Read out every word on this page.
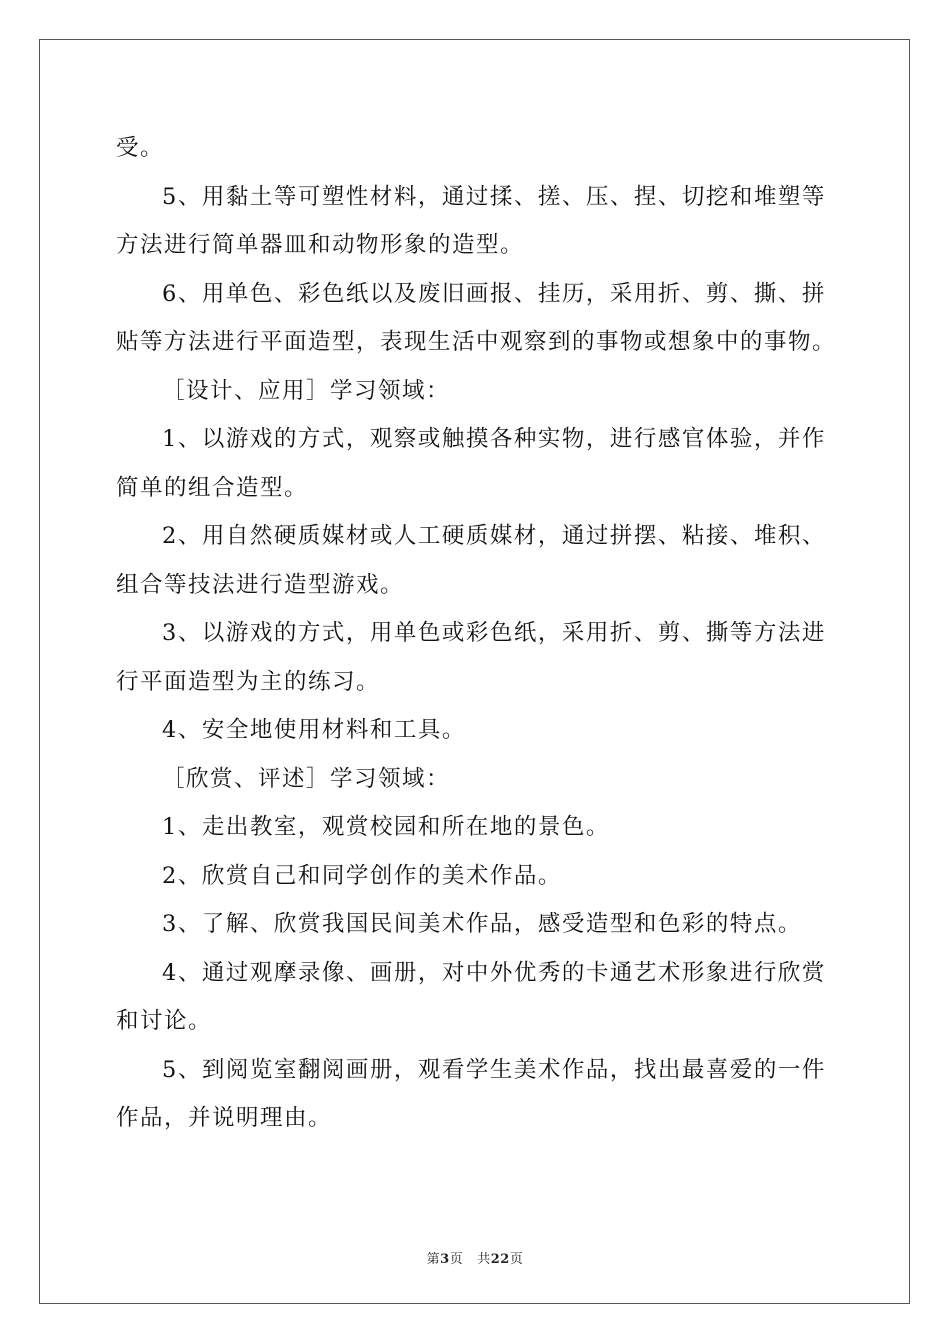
受。

5、用黏土等可塑性材料，通过揉、搓、压、捏、切挖和堆塑等方法进行简单器皿和动物形象的造型。

6、用单色、彩色纸以及废旧画报、挂历，采用折、剪、撕、拼贴等方法进行平面造型，表现生活中观察到的事物或想象中的事物。

［设计、应用］学习领域：

1、以游戏的方式，观察或触摸各种实物，进行感官体验，并作简单的组合造型。

2、用自然硬质媒材或人工硬质媒材，通过拼摆、粘接、堆积、组合等技法进行造型游戏。

3、以游戏的方式，用单色或彩色纸，采用折、剪、撕等方法进行平面造型为主的练习。

4、安全地使用材料和工具。

［欣赏、评述］学习领域：

1、走出教室，观赏校园和所在地的景色。

2、欣赏自己和同学创作的美术作品。

3、了解、欣赏我国民间美术作品，感受造型和色彩的特点。

4、通过观摩录像、画册，对中外优秀的卡通艺术形象进行欣赏和讨论。

5、到阅览室翻阅画册，观看学生美术作品，找出最喜爱的一件作品，并说明理由。

第3页 共22页
